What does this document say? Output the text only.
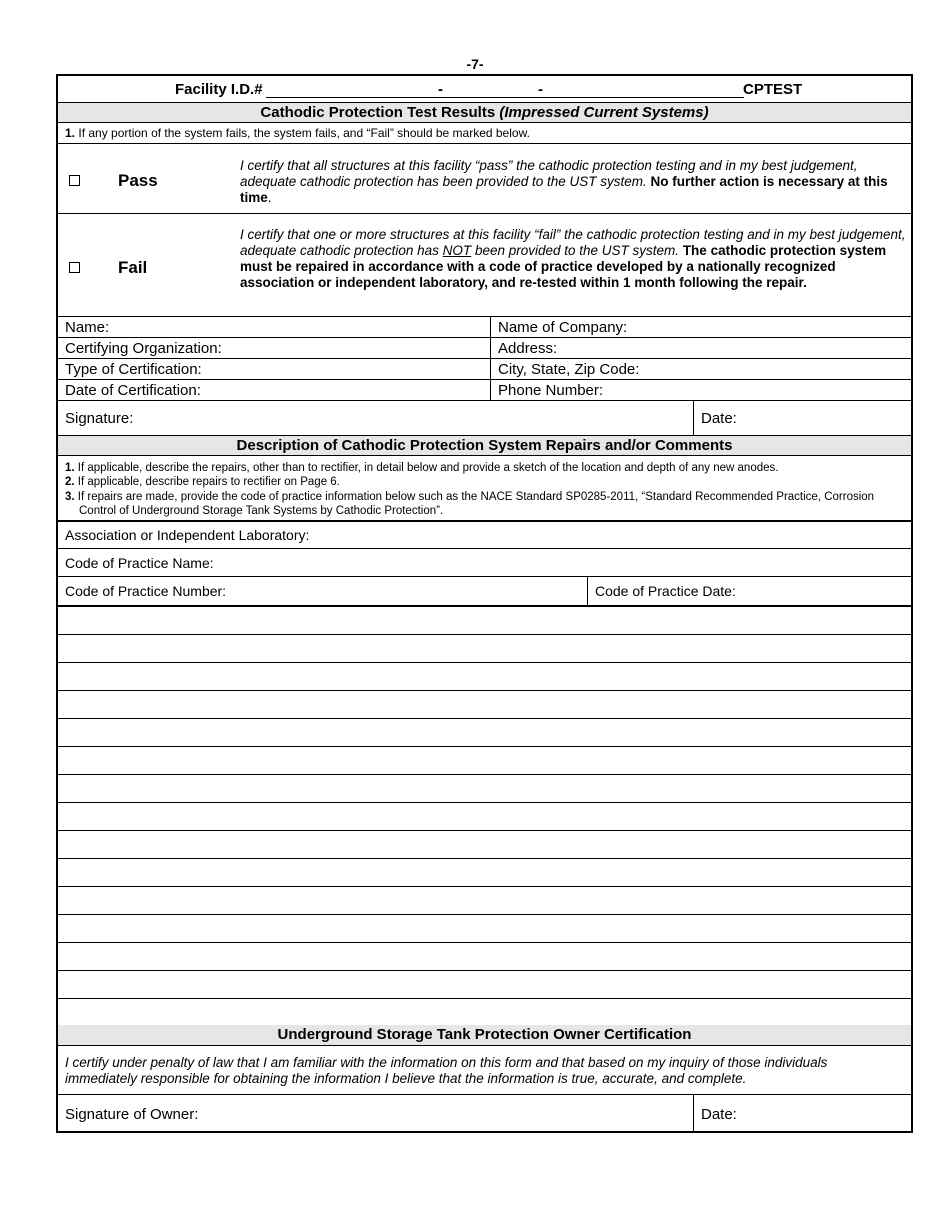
-7-
Facility I.D.#	-	-	CPTEST
Cathodic Protection Test Results (Impressed Current Systems)
1. If any portion of the system fails, the system fails, and “Fail” should be marked below.
Pass
I certify that all structures at this facility “pass” the cathodic protection testing and in my best judgement, adequate cathodic protection has been provided to the UST system. No further action is necessary at this time.
Fail
I certify that one or more structures at this facility “fail” the cathodic protection testing and in my best judgement, adequate cathodic protection has NOT been provided to the UST system. The cathodic protection system must be repaired in accordance with a code of practice developed by a nationally recognized association or independent laboratory, and re-tested within 1 month following the repair.
Name:	Name of Company:
Certifying Organization:	Address:
Type of Certification:	City, State, Zip Code:
Date of Certification:	Phone Number:
Signature:	Date:
Description of Cathodic Protection System Repairs and/or Comments
1. If applicable, describe the repairs, other than to rectifier, in detail below and provide a sketch of the location and depth of any new anodes.
2. If applicable, describe repairs to rectifier on Page 6.
3. If repairs are made, provide the code of practice information below such as the NACE Standard SP0285-2011, “Standard Recommended Practice, Corrosion Control of Underground Storage Tank Systems by Cathodic Protection”.
Association or Independent Laboratory:
Code of Practice Name:
Code of Practice Number:	Code of Practice Date:
Underground Storage Tank Protection Owner Certification
I certify under penalty of law that I am familiar with the information on this form and that based on my inquiry of those individuals immediately responsible for obtaining the information I believe that the information is true, accurate, and complete.
Signature of Owner:	Date:
